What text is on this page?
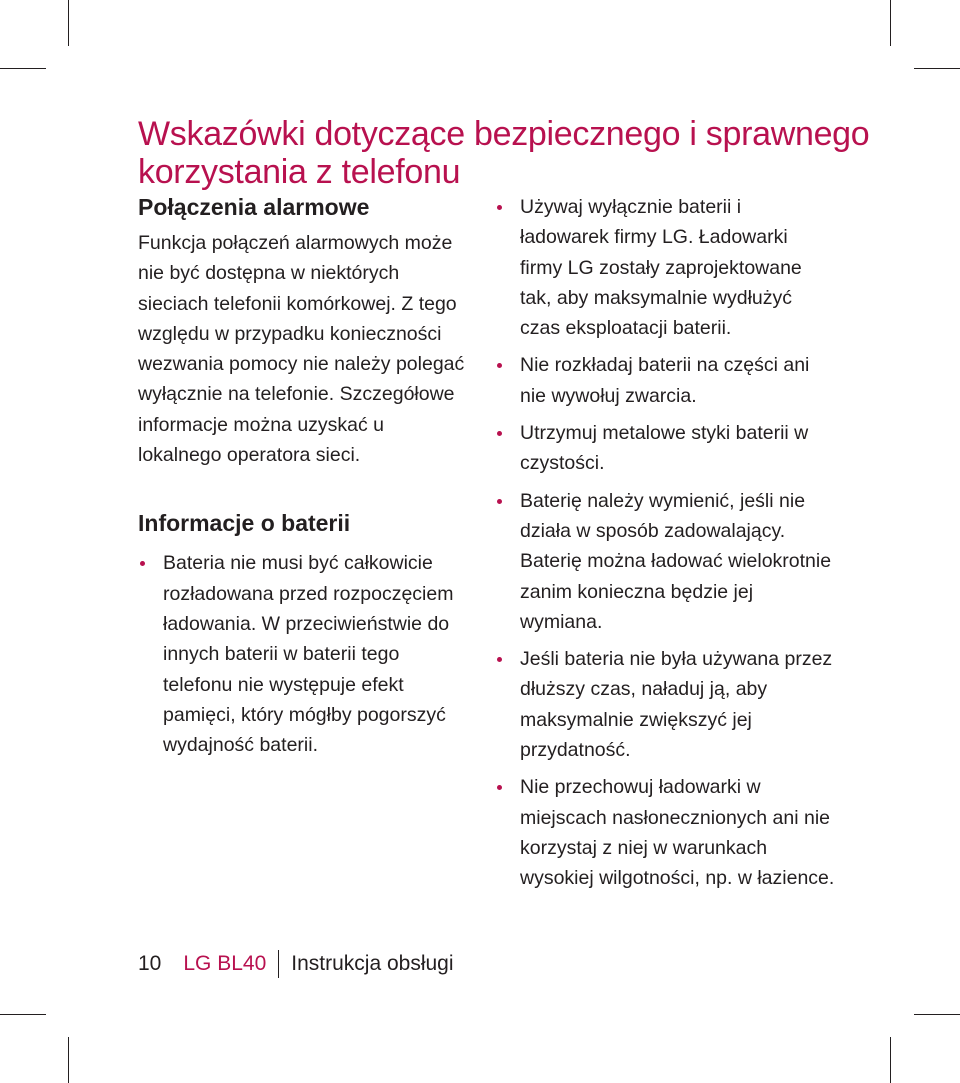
Wskazówki dotyczące bezpiecznego i sprawnego korzystania z telefonu
Połączenia alarmowe

Funkcja połączeń alarmowych może nie być dostępna w niektórych sieciach telefonii komórkowej. Z tego względu w przypadku konieczności wezwania pomocy nie należy polegać wyłącznie na telefonie. Szczegółowe informacje można uzyskać u lokalnego operatora sieci.

Informacje o baterii
Bateria nie musi być całkowicie rozładowana przed rozpoczęciem ładowania. W przeciwieństwie do innych baterii w baterii tego telefonu nie występuje efekt pamięci, który mógłby pogorszyć wydajność baterii.
Używaj wyłącznie baterii i ładowarek firmy LG. Ładowarki firmy LG zostały zaprojektowane tak, aby maksymalnie wydłużyć czas eksploatacji baterii.
Nie rozkładaj baterii na części ani nie wywołuj zwarcia.
Utrzymuj metalowe styki baterii w czystości.
Baterię należy wymienić, jeśli nie działa w sposób zadowalający. Baterię można ładować wielokrotnie zanim konieczna będzie jej wymiana.
Jeśli bateria nie była używana przez dłuższy czas, naładuj ją, aby maksymalnie zwiększyć jej przydatność.
Nie przechowuj ładowarki w miejscach nasłonecznionych ani nie korzystaj z niej w warunkach wysokiej wilgotności, np. w łazience.
10 LG BL40 Instrukcja obsługi
